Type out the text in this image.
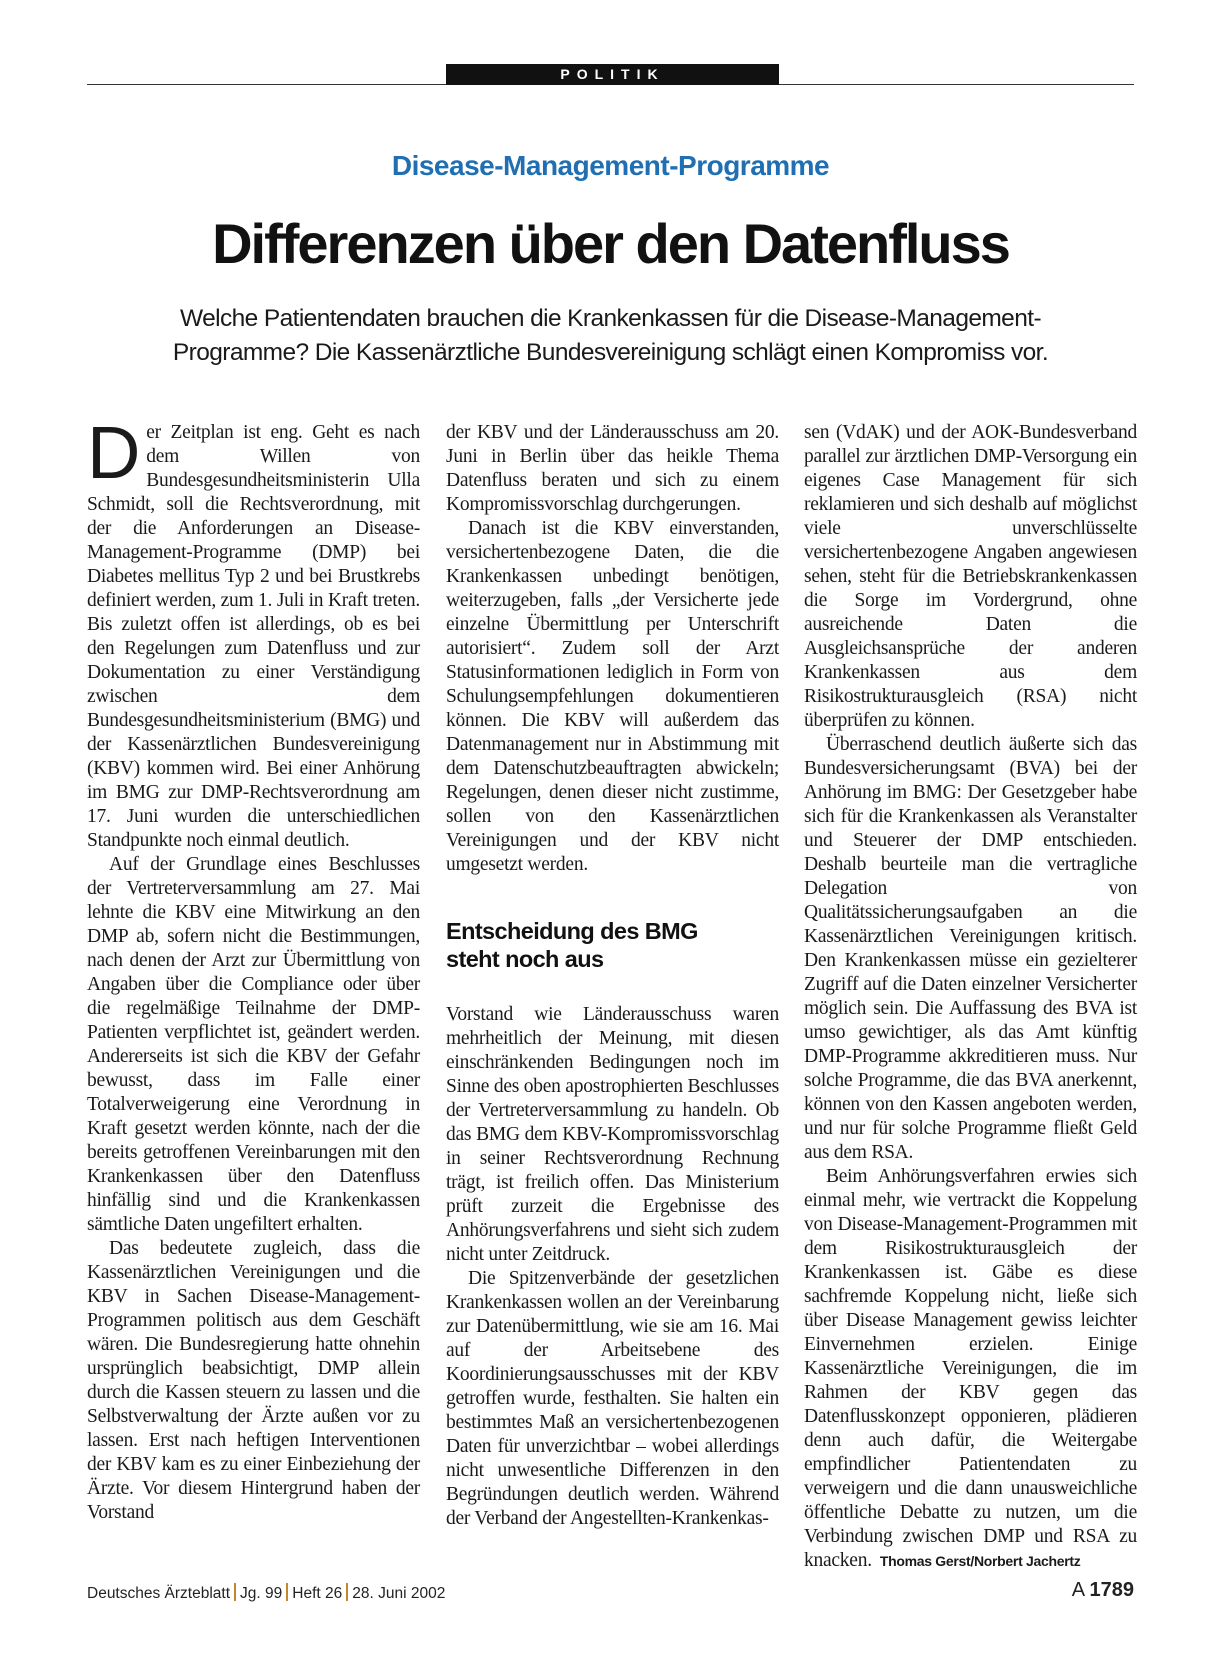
POLITIK
Disease-Management-Programme
Differenzen über den Datenfluss
Welche Patientendaten brauchen die Krankenkassen für die Disease-Management-
Programme? Die Kassenärztliche Bundesvereinigung schlägt einen Kompromiss vor.

Der Zeitplan ist eng. Geht es nach dem Willen von Bundesgesundheitsministerin Ulla Schmidt, soll die Rechtsverordnung, mit der die Anforderungen an Disease-Management-Programme (DMP) bei Diabetes mellitus Typ 2 und bei Brustkrebs definiert werden, zum 1. Juli in Kraft treten. Bis zuletzt offen ist allerdings, ob es bei den Regelungen zum Datenfluss und zur Dokumentation zu einer Verständigung zwischen dem Bundesgesundheitsministerium (BMG) und der Kassenärztlichen Bundesvereinigung (KBV) kommen wird. Bei einer Anhörung im BMG zur DMP-Rechtsverordnung am 17. Juni wurden die unterschiedlichen Standpunkte noch einmal deutlich.

Auf der Grundlage eines Beschlusses der Vertreterversammlung am 27. Mai lehnte die KBV eine Mitwirkung an den DMP ab, sofern nicht die Bestimmungen, nach denen der Arzt zur Übermittlung von Angaben über die Compliance oder über die regelmäßige Teilnahme der DMP-Patienten verpflichtet ist, geändert werden. Andererseits ist sich die KBV der Gefahr bewusst, dass im Falle einer Totalverweigerung eine Verordnung in Kraft gesetzt werden könnte, nach der die bereits getroffenen Vereinbarungen mit den Krankenkassen über den Datenfluss hinfällig sind und die Krankenkassen sämtliche Daten ungefiltert erhalten.

Das bedeutete zugleich, dass die Kassenärztlichen Vereinigungen und die KBV in Sachen Disease-Management-Programmen politisch aus dem Geschäft wären. Die Bundesregierung hatte ohnehin ursprünglich beabsichtigt, DMP allein durch die Kassen steuern zu lassen und die Selbstverwaltung der Ärzte außen vor zu lassen. Erst nach heftigen Interventionen der KBV kam es zu einer Einbeziehung der Ärzte. Vor diesem Hintergrund haben der Vorstand

der KBV und der Länderausschuss am 20. Juni in Berlin über das heikle Thema Datenfluss beraten und sich zu einem Kompromissvorschlag durchgerungen.

Danach ist die KBV einverstanden, versichertenbezogene Daten, die die Krankenkassen unbedingt benötigen, weiterzugeben, falls „der Versicherte jede einzelne Übermittlung per Unterschrift autorisiert“. Zudem soll der Arzt Statusinformationen lediglich in Form von Schulungsempfehlungen dokumentieren können. Die KBV will außerdem das Datenmanagement nur in Abstimmung mit dem Datenschutzbeauftragten abwickeln; Regelungen, denen dieser nicht zustimme, sollen von den Kassenärztlichen Vereinigungen und der KBV nicht umgesetzt werden.

Entscheidung des BMG
steht noch aus

Vorstand wie Länderausschuss waren mehrheitlich der Meinung, mit diesen einschränkenden Bedingungen noch im Sinne des oben apostrophierten Beschlusses der Vertreterversammlung zu handeln. Ob das BMG dem KBV-Kompromissvorschlag in seiner Rechtsverordnung Rechnung trägt, ist freilich offen. Das Ministerium prüft zurzeit die Ergebnisse des Anhörungsverfahrens und sieht sich zudem nicht unter Zeitdruck.

Die Spitzenverbände der gesetzlichen Krankenkassen wollen an der Vereinbarung zur Datenübermittlung, wie sie am 16. Mai auf der Arbeitsebene des Koordinierungsausschusses mit der KBV getroffen wurde, festhalten. Sie halten ein bestimmtes Maß an versichertenbezogenen Daten für unverzichtbar – wobei allerdings nicht unwesentliche Differenzen in den Begründungen deutlich werden. Während der Verband der Angestellten-Krankenkas-

sen (VdAK) und der AOK-Bundesverband parallel zur ärztlichen DMP-Versorgung ein eigenes Case Management für sich reklamieren und sich deshalb auf möglichst viele unverschlüsselte versichertenbezogene Angaben angewiesen sehen, steht für die Betriebskrankenkassen die Sorge im Vordergrund, ohne ausreichende Daten die Ausgleichsansprüche der anderen Krankenkassen aus dem Risikostrukturausgleich (RSA) nicht überprüfen zu können.

Überraschend deutlich äußerte sich das Bundesversicherungsamt (BVA) bei der Anhörung im BMG: Der Gesetzgeber habe sich für die Krankenkassen als Veranstalter und Steuerer der DMP entschieden. Deshalb beurteile man die vertragliche Delegation von Qualitätssicherungsaufgaben an die Kassenärztlichen Vereinigungen kritisch. Den Krankenkassen müsse ein gezielterer Zugriff auf die Daten einzelner Versicherter möglich sein. Die Auffassung des BVA ist umso gewichtiger, als das Amt künftig DMP-Programme akkreditieren muss. Nur solche Programme, die das BVA anerkennt, können von den Kassen angeboten werden, und nur für solche Programme fließt Geld aus dem RSA.

Beim Anhörungsverfahren erwies sich einmal mehr, wie vertrackt die Koppelung von Disease-Management-Programmen mit dem Risikostrukturausgleich der Krankenkassen ist. Gäbe es diese sachfremde Koppelung nicht, ließe sich über Disease Management gewiss leichter Einvernehmen erzielen. Einige Kassenärztliche Vereinigungen, die im Rahmen der KBV gegen das Datenflusskonzept opponieren, plädieren denn auch dafür, die Weitergabe empfindlicher Patientendaten zu verweigern und die dann unausweichliche öffentliche Debatte zu nutzen, um die Verbindung zwischen DMP und RSA zu knacken. Thomas Gerst/Norbert Jachertz

Deutsches Ärzteblatt Jg. 99 Heft 26 28. Juni 2002	A 1789
